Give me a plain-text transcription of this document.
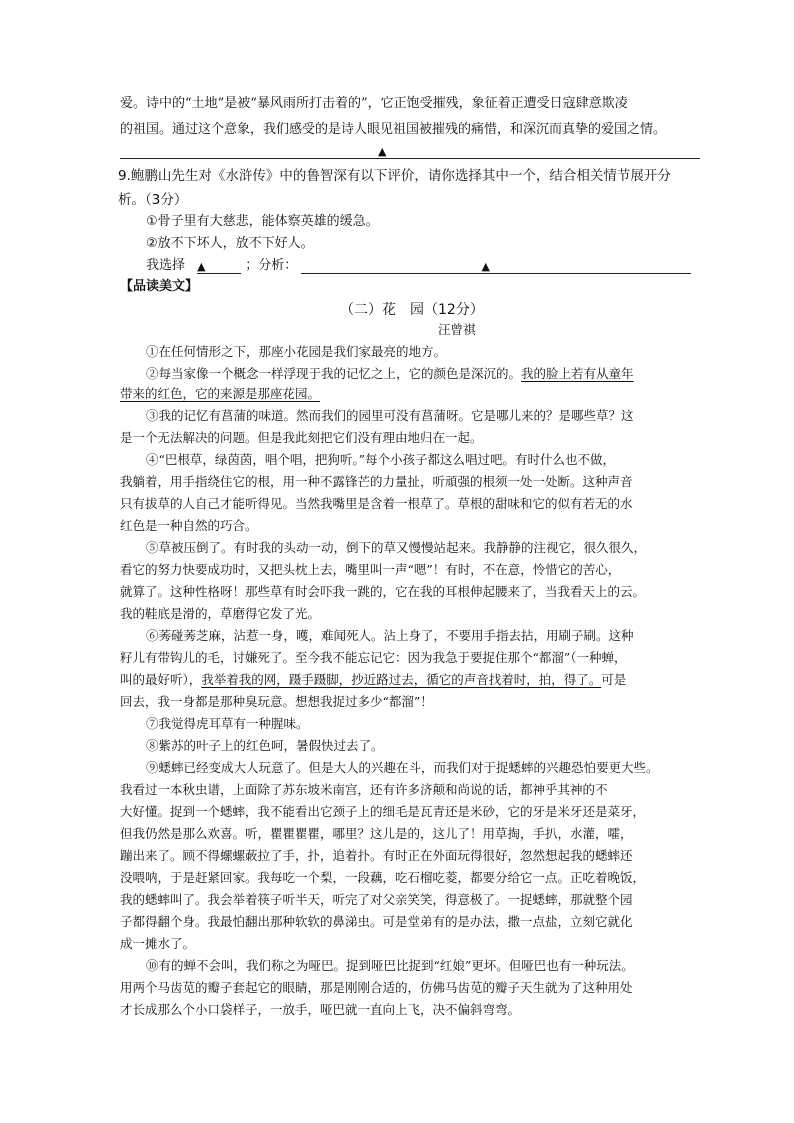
爱。诗中的“土地”是被“暴风雨所打击着的”，它正饱受摧残，象征着正遭受日寇肆意欺凌
的祖国。通过这个意象，我们感受的是诗人眼见祖国被摧残的痛惜，和深沉而真挚的爱国之情。
▲
9.鲍鹏山先生对《水浒传》中的鲁智深有以下评价，请你选择其中一个，结合相关情节展开分
析。（3分）
①骨子里有大慈悲，能体察英雄的缓急。
②放不下坏人，放不下好人。
我选择 ▲	；分析：	▲
【品读美文】
（二）花　园（12分）
汪曾祺
①在任何情形之下，那座小花园是我们家最亮的地方。
②每当家像一个概念一样浮现于我的记忆之上，它的颜色是深沉的。我的脸上若有从童年
带来的红色，它的来源是那座花园。
③我的记忆有菖蒲的味道。然而我们的园里可没有菖蒲呀。它是哪儿来的？是哪些草？这
是一个无法解决的问题。但是我此刻把它们没有理由地归在一起。
④“巴根草，绿茵茵，唱个唱，把狗听。”每个小孩子都这么唱过吧。有时什么也不做，
我躺着，用手指绕住它的根，用一种不露锋芒的力量扯，听頑强的根须一处一处断。这种声音
只有拔草的人自己才能听得见。当然我嘴里是含着一根草了。草根的甜味和它的似有若无的水
红色是一种自然的巧合。
⑤草被压倒了。有时我的头动一动，倒下的草又慢慢站起来。我静静的注视它，很久很久，
看它的努力快要成功时，又把头枕上去，嘴里叫一声“嗯”！有时，不在意，怜惜它的苦心，
就算了。这种性格呀！那些草有时会吓我一跳的，它在我的耳根伸起腰来了，当我看天上的云。
我的鞋底是滑的，草磨得它发了光。
⑥莠碰莠芝麻，沾惹一身，嚄，难闻死人。沾上身了，不要用手指去拈，用刷子刷。这种
籽儿有带钩儿的毛，讨嫌死了。至今我不能忘记它：因为我急于要捉住那个“都溜”（一种蝉，
叫的最好听），我举着我的网，蹑手蹑脚，抄近路过去，循它的声音找着时，拍，得了。可是
回去，我一身都是那种臭玩意。想想我捉过多少“都溜”！
⑦我觉得虎耳草有一种腥味。
⑧紫苏的叶子上的红色呵，暑假快过去了。
⑨蟋蟀已经变成大人玩意了。但是大人的兴趣在斗，而我们对于捉蟋蟀的兴趣恐怕要更大些。
我看过一本秋虫谱，上面除了苏东坡米南宫，还有许多济颠和尚说的话，都神乎其神的不
大好懂。捉到一个蟋蟀，我不能看出它颈子上的细毛是瓦青还是米砂，它的牙是米牙还是菜牙，
但我仍然是那么欢喜。听，瞿瞿瞿瞿，哪里？这儿是的，这儿了！用草掏，手扒，水灌，嚯，
蹦出来了。顾不得螺螺蓛拉了手，扑，追着扑。有时正在外面玩得很好，忽然想起我的蟋蟀还
没喂呐，于是赶紧回家。我每吃一个梨，一段藕，吃石榴吃菱，都要分给它一点。正吃着晚饭，
我的蟋蟀叫了。我会举着筷子听半天，听完了对父亲笑笑，得意极了。一捉蟋蟀，那就整个园
子都得翻个身。我最怕翻出那种软软的鼻涕虫。可是堂弟有的是办法，撒一点盐，立刻它就化
成一摊水了。
⑩有的蝉不会叫，我们称之为哑巴。捉到哑巴比捉到“红娘”更坏。但哑巴也有一种玩法。
用两个马齿苋的瓣子套起它的眼睛，那是刚刚合适的，仿佛马齿苋的瓣子天生就为了这种用处
才长成那么个小口袋样子，一放手，哑巴就一直向上飞，决不偏斜弯弯。
